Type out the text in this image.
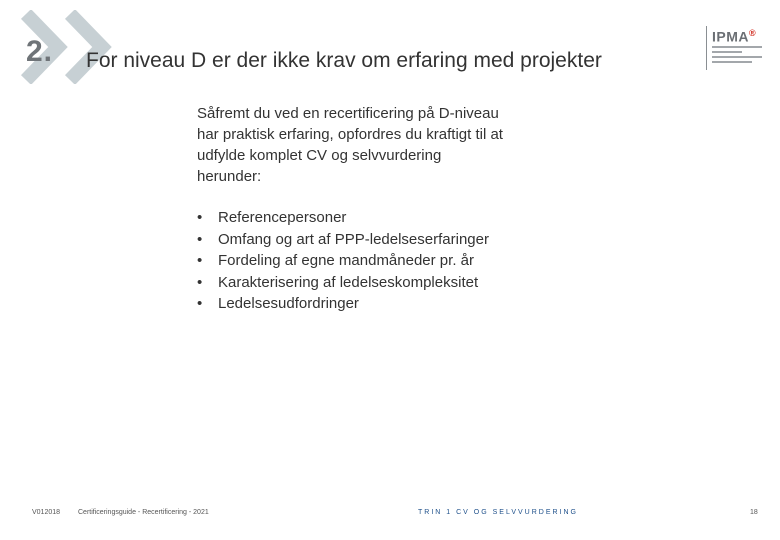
2. For niveau D er der ikke krav om erfaring med projekter
IPMA®
Såfremt du ved en recertificering på D-niveau
har praktisk erfaring, opfordres du kraftigt til at
udfylde komplet CV og selvvurdering
herunder:
• Referencepersoner
• Omfang og art af PPP-ledelseserfaringer
• Fordeling af egne mandmåneder pr. år
• Karakterisering af ledelseskompleksitet
• Ledelsesudfordringer
V012018	Certificeringsguide - Recertificering - 2021	TRIN 1 CV OG SELVVURDERING	18
